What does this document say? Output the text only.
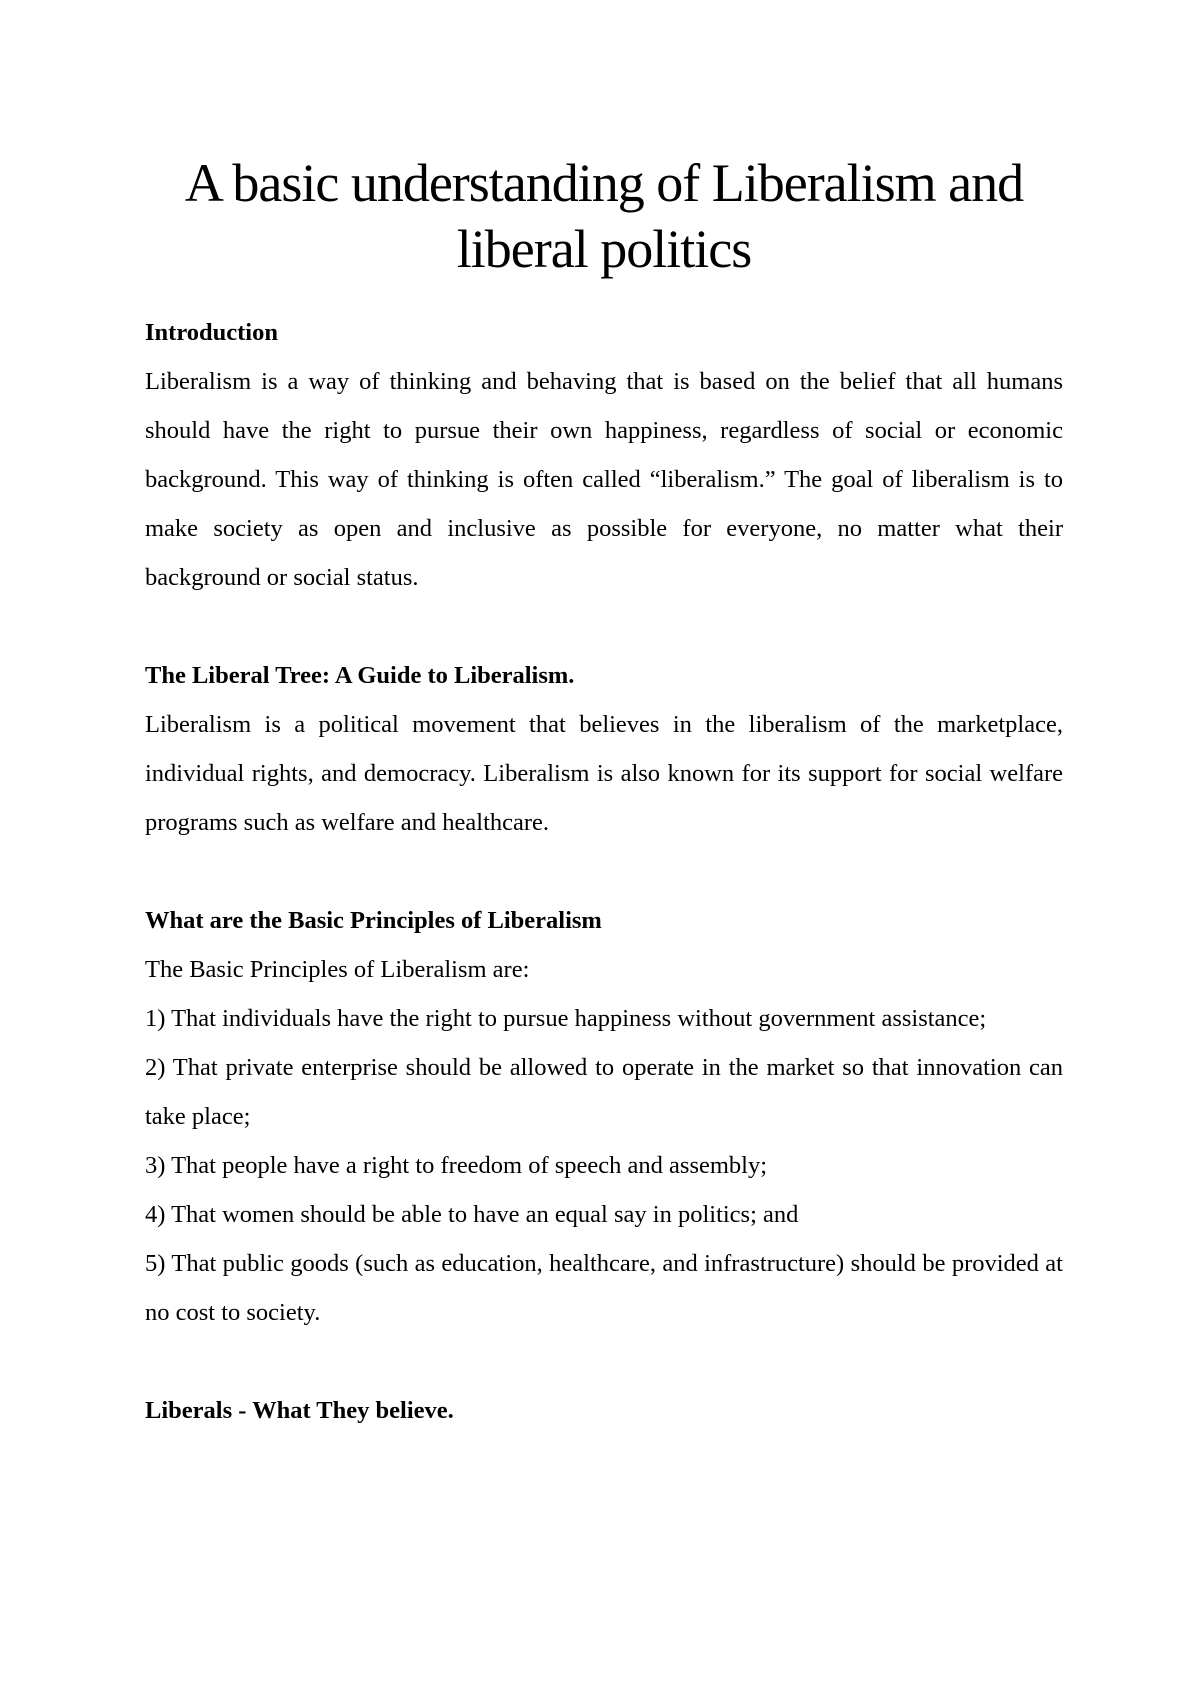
A basic understanding of Liberalism and liberal politics

Introduction

Liberalism is a way of thinking and behaving that is based on the belief that all humans should have the right to pursue their own happiness, regardless of social or economic background. This way of thinking is often called “liberalism.” The goal of liberalism is to make society as open and inclusive as possible for everyone, no matter what their background or social status.

The Liberal Tree: A Guide to Liberalism.

Liberalism is a political movement that believes in the liberalism of the marketplace, individual rights, and democracy. Liberalism is also known for its support for social welfare programs such as welfare and healthcare.

What are the Basic Principles of Liberalism

The Basic Principles of Liberalism are:

1) That individuals have the right to pursue happiness without government assistance;
2) That private enterprise should be allowed to operate in the market so that innovation can take place;
3) That people have a right to freedom of speech and assembly;
4) That women should be able to have an equal say in politics; and
5) That public goods (such as education, healthcare, and infrastructure) should be provided at no cost to society.

Liberals - What They believe.
